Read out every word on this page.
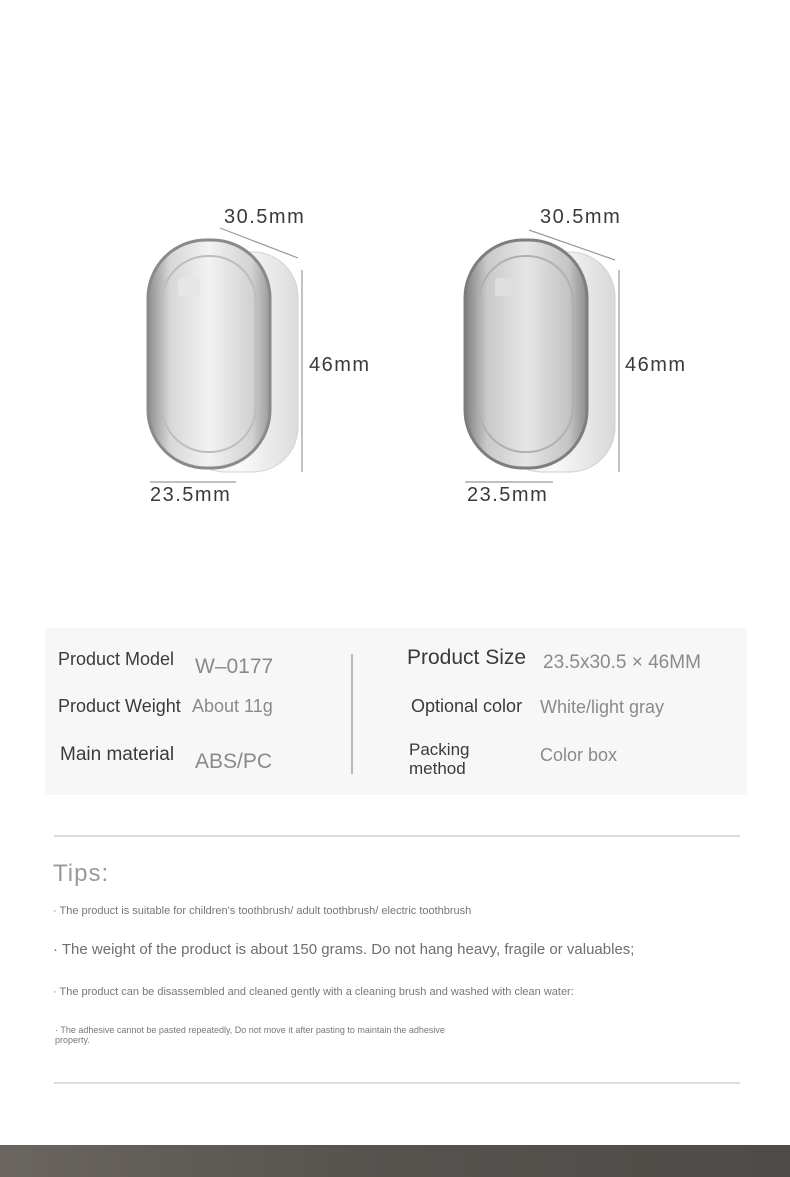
30.5mm
46mm
23.5mm
30.5mm
46mm
23.5mm
Product Model W–0177
Product Weight About 11g
Main material ABS/PC
Product Size 23.5x30.5 × 46MM
Optional color White/light gray
Packing
method
Color box
Tips:
· The product is suitable for children's toothbrush/ adult toothbrush/ electric toothbrush
· The weight of the product is about 150 grams. Do not hang heavy, fragile or valuables;
· The product can be disassembled and cleaned gently with a cleaning brush and washed with clean water:
· The adhesive cannot be pasted repeatedly, Do not move it after pasting to maintain the adhesive
property.
